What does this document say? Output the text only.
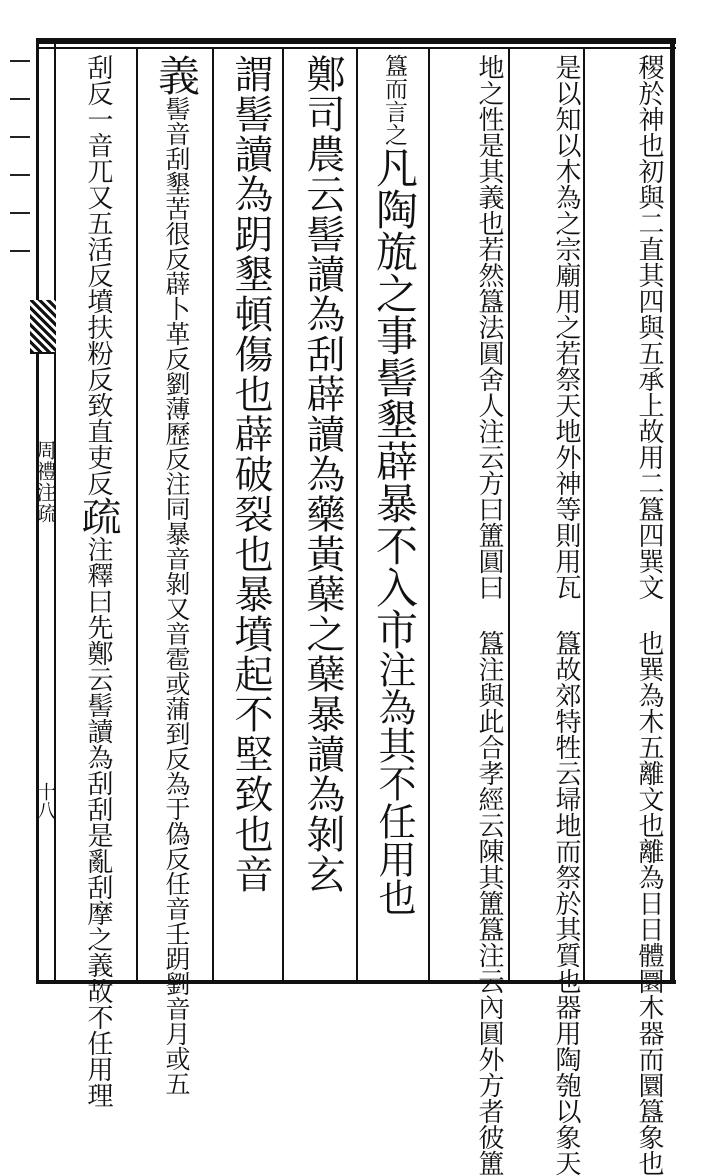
周禮注疏
十八
稷於神也初與二直其四與五承上故用二簋四巽文 也巽為木五離文也離為日日體圜木器而圜簋象也
是以知以木為之宗廟用之若祭天地外神等則用瓦 簋故郊特牲云埽地而祭於其質也器用陶匏以象天
地之性是其義也若然簋法圓舍人注云方曰簠圓曰 簋注與此合孝經云陳其簠簋注云內圓外方者彼簠
簋而言之凡陶旊之事髻墾薜暴不入市注為其不任用也
鄭司農云髻讀為刮薜讀為藥黃蘖之蘖暴讀為剝玄
謂髻讀為跀墾頓傷也薜破裂也暴墳起不堅致也音
義髻音刮墾苦很反薜卜革反劉薄歷反注同暴音剝又音雹或蒲到反為于偽反任音壬跀劉音月或五
刮反一音兀又五活反墳扶粉反致直吏反疏注釋曰先鄭云髻讀為刮刮是亂刮摩之義故不任用理
